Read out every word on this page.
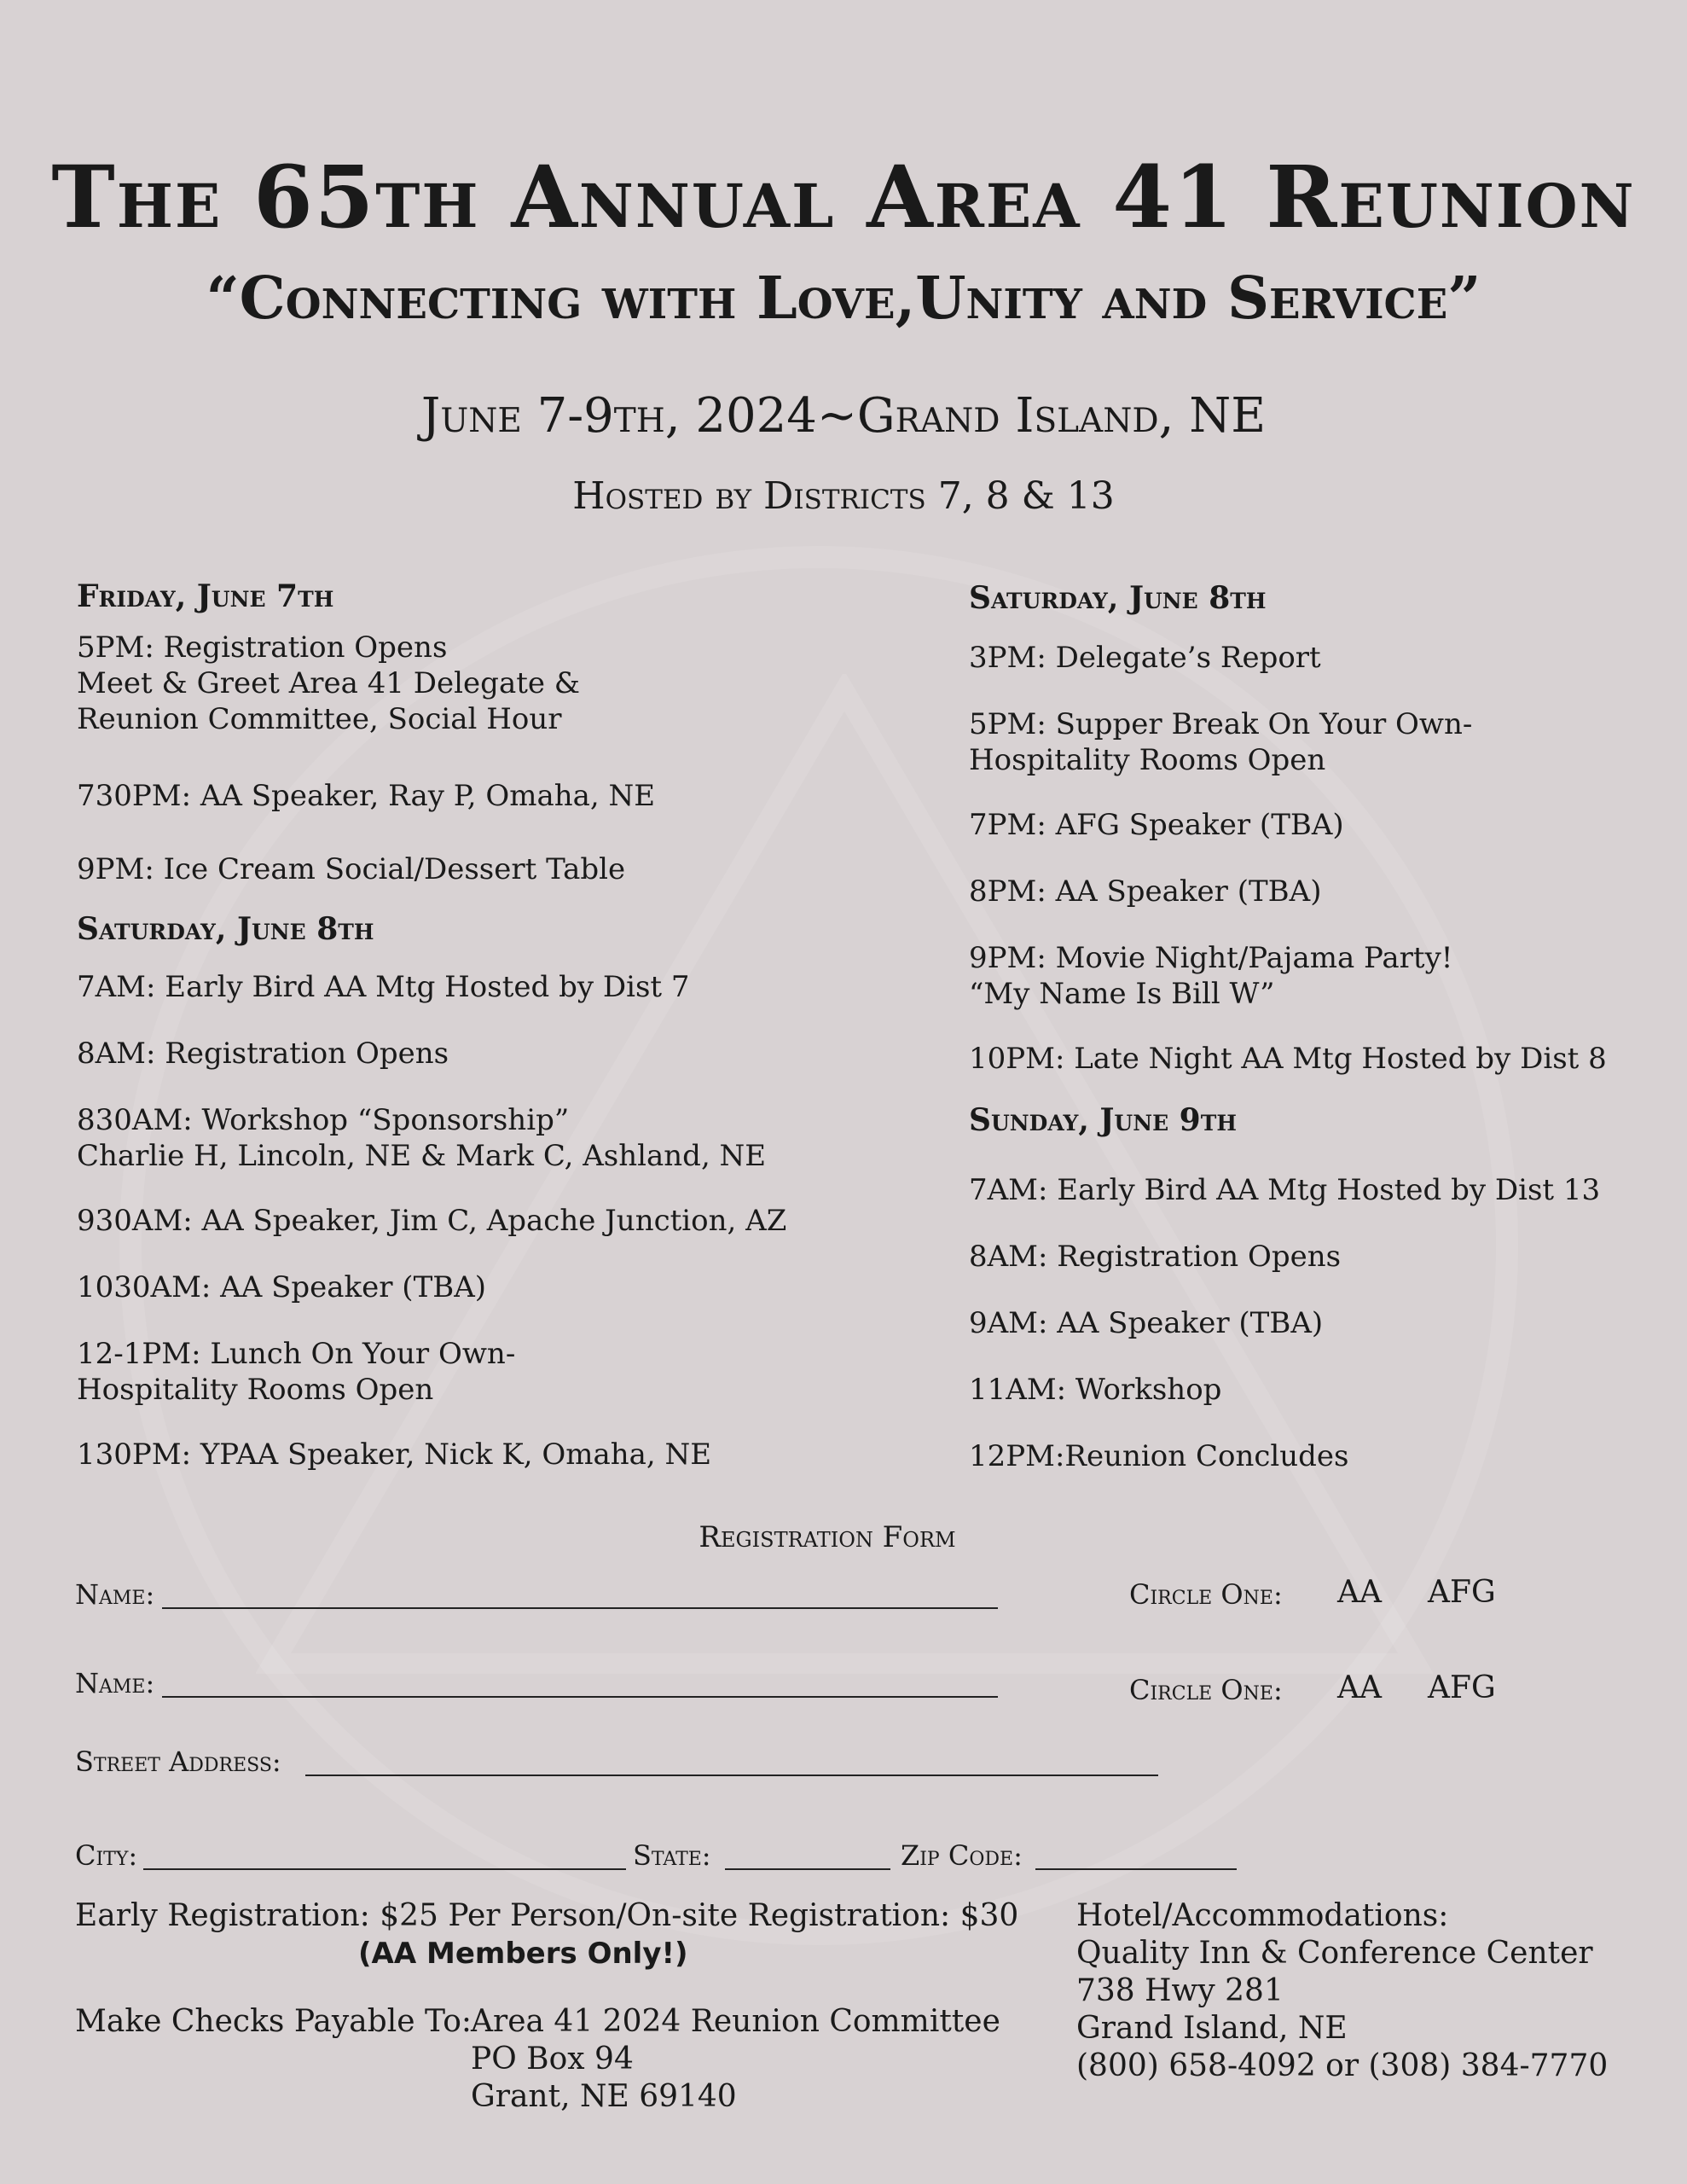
The 65th Annual Area 41 Reunion
“Connecting with Love,Unity and Service”
June 7-9th, 2024~Grand Island, NE
Hosted by Districts 7, 8 & 13
Friday, June 7th
5PM: Registration Opens
Meet & Greet Area 41 Delegate &
Reunion Committee, Social Hour
730PM: AA Speaker, Ray P, Omaha, NE
9PM: Ice Cream Social/Dessert Table
Saturday, June 8th
7AM: Early Bird AA Mtg Hosted by Dist 7
8AM: Registration Opens
830AM: Workshop “Sponsorship”
Charlie H, Lincoln, NE & Mark C, Ashland, NE
930AM: AA Speaker, Jim C, Apache Junction, AZ
1030AM: AA Speaker (TBA)
12-1PM: Lunch On Your Own-
Hospitality Rooms Open
130PM: YPAA Speaker, Nick K, Omaha, NE
Saturday, June 8th
3PM: Delegate’s Report
5PM: Supper Break On Your Own-
Hospitality Rooms Open
7PM: AFG Speaker (TBA)
8PM: AA Speaker (TBA)
9PM: Movie Night/Pajama Party!
“My Name Is Bill W”
10PM: Late Night AA Mtg Hosted by Dist 8
Sunday, June 9th
7AM: Early Bird AA Mtg Hosted by Dist 13
8AM: Registration Opens
9AM: AA Speaker (TBA)
11AM: Workshop
12PM:Reunion Concludes
Registration Form
Name:	Circle One: AA AFG
Name:	Circle One: AA AFG
Street Address:
City:	State:	Zip Code:
Early Registration: $25 Per Person/On-site Registration: $30
(AA Members Only!)
Make Checks Payable To:
Area 41 2024 Reunion Committee
PO Box 94
Grant, NE 69140
Hotel/Accommodations:
Quality Inn & Conference Center
738 Hwy 281
Grand Island, NE
(800) 658-4092 or (308) 384-7770
